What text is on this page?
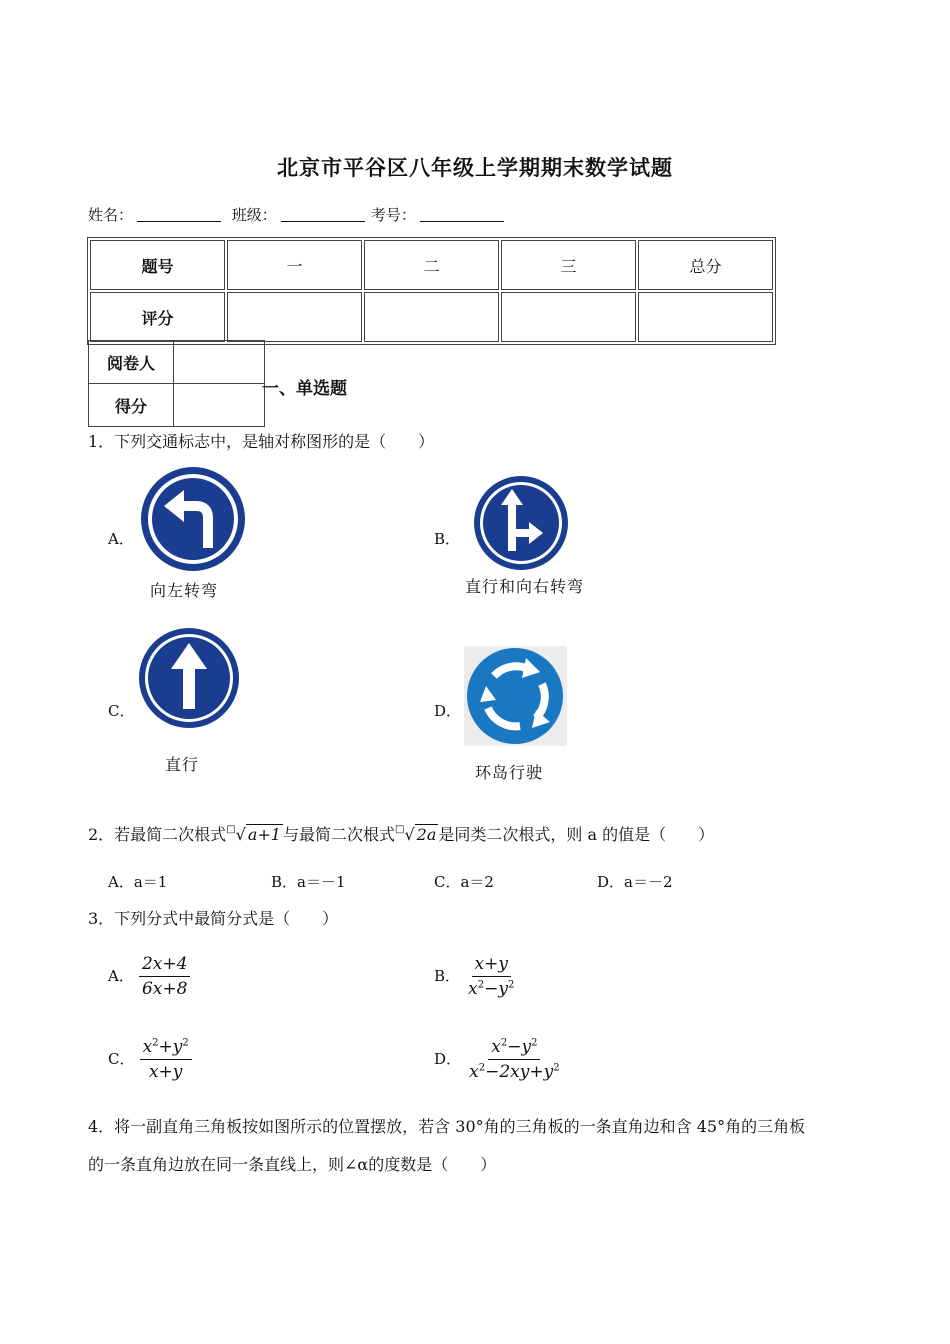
北京市平谷区八年级上学期期末数学试题
姓名：	班级：	考号：
题号	一	二	三	总分
评分				
阅卷人	
得分	
一、单选题
1．下列交通标志中，是轴对称图形的是（　　）
A．
向左转弯
B．
直行和向右转弯
C．
直行
D．
环岛行驶
2．若最简二次根式□√ a+1 与最简二次根式□√ 2a 是同类二次根式，则 a 的值是（　　）
A．a＝1	B．a＝－1	C．a＝2	D．a＝－2
3．下列分式中最简分式是（　　）
A． $\frac{2x+4}{6x+8}$	B． $\frac{x+y}{x^2-y^2}$
C． $\frac{x^2+y^2}{x+y}$	D． $\frac{x^2-y^2}{x^2-2xy+y^2}$
4．将一副直角三角板按如图所示的位置摆放，若含 30°角的三角板的一条直角边和含 45°角的三角板
的一条直角边放在同一条直线上，则∠α的度数是（　　）
